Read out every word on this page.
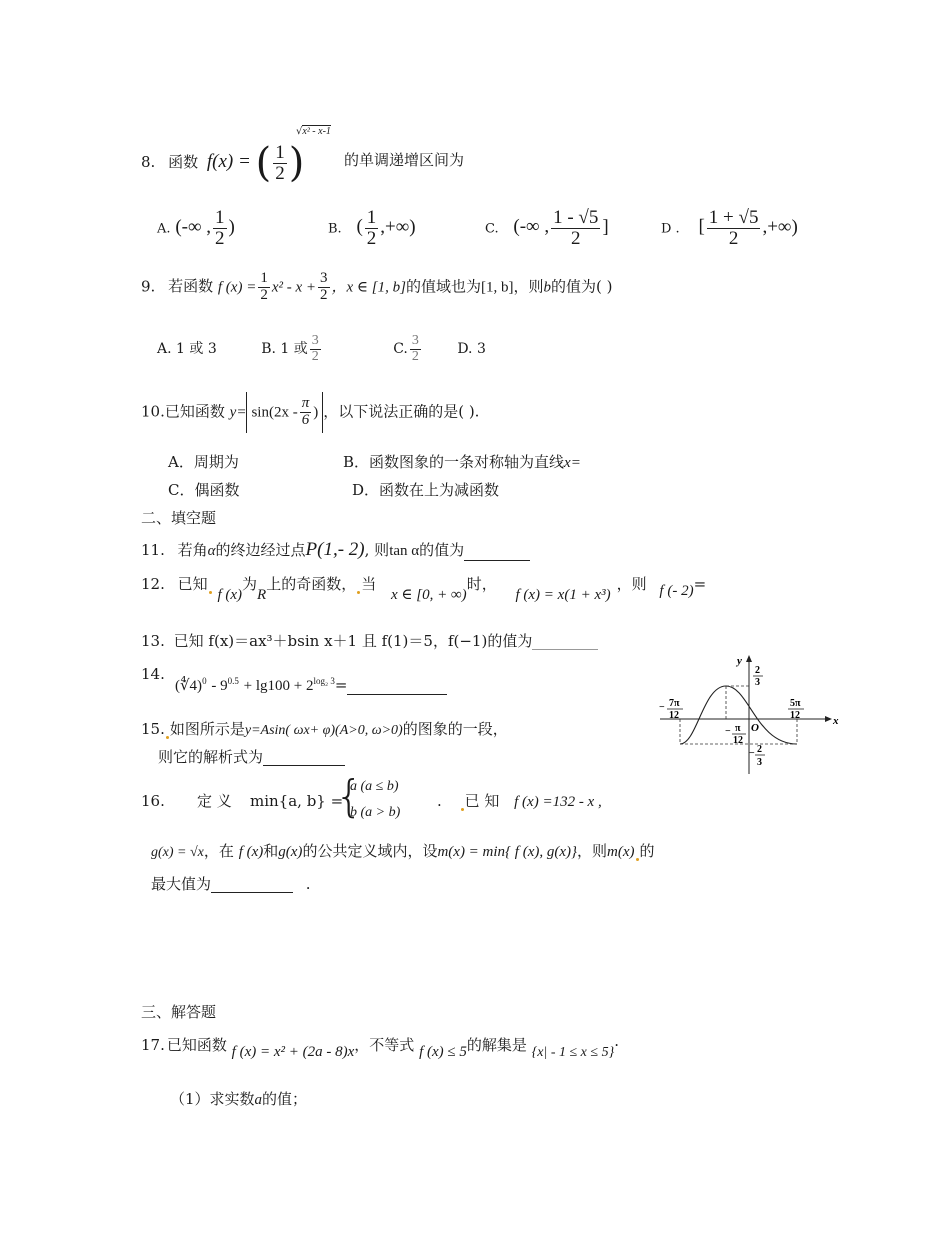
8. 函数 f(x) = ( $\frac{1}{2}$ )
√x² - x-1
的单调递增区间为
A. (-∞ , $\frac{1}{2}$ )	B. ( $\frac{1}{2}$ ,+∞)	C. (-∞ , $\frac{1 - √5}{2}$ ]	D . [ $\frac{1 + √5}{2}$ ,+∞)
9. 若函数 f $(x) = \frac{1}{2} x^2 - x + \frac{3}{2}$ ，x ∈ [1, b]的值域也为[1, b]，则b的值为( )
A. 1 或 3	B. 1 或 $\frac{3}{2}$	C. $\frac{3}{2}$	D. 3
10.已知函数 $y= \sin(2x - \frac{\pi}{6}$ ) ，以下说法正确的是( ).
A．周期为	B．函数图象的一条对称轴为直线x=
C．偶函数	D．函数在上为减函数
二、填空题
11. 若角α的终边经过点P(1,- 2), 则tan α的值为
12. 已知 f (x)为R上的奇函数， 当 x ∈ [0, + ∞)时， f (x) = x(1 + x³)，则 f (- 2)=
13. 已知 f(x)＝ax³＋bsin x＋1 且 f(1)＝5，f(−1)的值为
14.
(∜4)$^0$ - $9^{0.5} + \lg 100 + 2^{log_2 3}=$
15. 如图所示是y=Asin( ωx+ φ)(A>0, ω>0)的图象的一段，
则它的解析式为
y
x
O
2
3
− 2
3
− 7π
12
− π
12
5π
12
16. 定 义 min{a, b} =
{
a (a ≤ b)
b (a > b)
. 已 知 f (x) =132 - x ,
g(x) = √x，在 f (x)和g(x)的公共定义域内，设m(x) = min{ f (x), g(x)}，则m(x) 的
最大值为	.
三、解答题
17. 已知函数 f (x) = x² + (2a - 8)x，不等式 f (x) ≤ 5的解集是 {x| - 1 ≤ x ≤ 5}·
（1）求实数a的值；
